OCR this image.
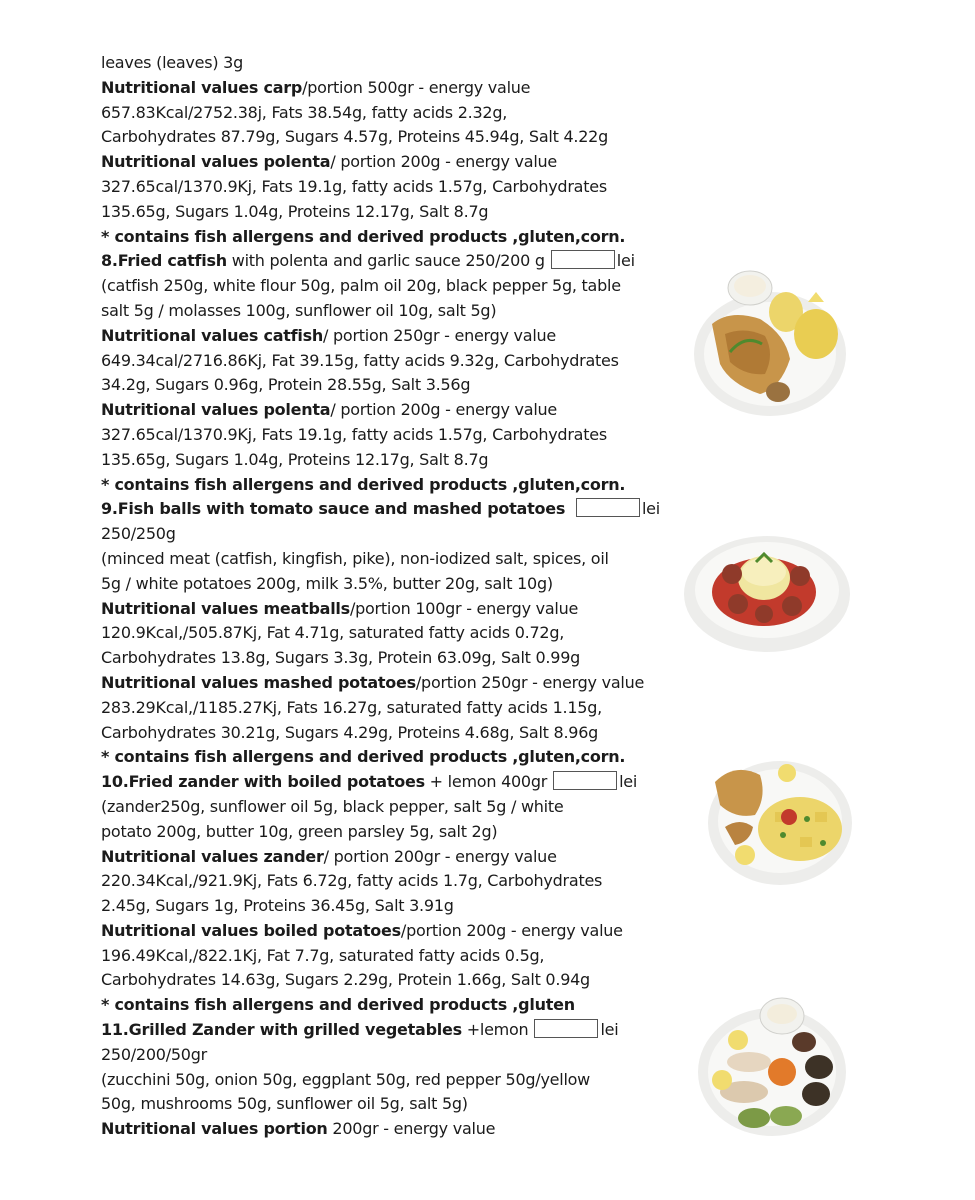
leaves (leaves) 3g
Nutritional values carp/portion 500gr - energy value
657.83Kcal/2752.38j, Fats 38.54g, fatty acids 2.32g,
Carbohydrates 87.79g, Sugars 4.57g, Proteins 45.94g, Salt 4.22g
Nutritional values polenta/ portion 200g - energy value
327.65cal/1370.9Kj, Fats 19.1g, fatty acids 1.57g, Carbohydrates
135.65g, Sugars 1.04g, Proteins 12.17g, Salt 8.7g
* contains fish allergens and derived products ,gluten,corn.
8.Fried catfish with polenta and garlic sauce 250/200 g	lei
(catfish 250g, white flour 50g, palm oil 20g, black pepper 5g, table
salt 5g / molasses 100g, sunflower oil 10g, salt 5g)
Nutritional values catfish/ portion 250gr - energy value
649.34cal/2716.86Kj, Fat 39.15g, fatty acids 9.32g, Carbohydrates
34.2g, Sugars 0.96g, Protein 28.55g, Salt 3.56g
Nutritional values polenta/ portion 200g - energy value
327.65cal/1370.9Kj, Fats 19.1g, fatty acids 1.57g, Carbohydrates
135.65g, Sugars 1.04g, Proteins 12.17g, Salt 8.7g
* contains fish allergens and derived products ,gluten,corn.
9.Fish balls with tomato sauce and mashed potatoes	lei
250/250g
(minced meat (catfish, kingfish, pike), non-iodized salt, spices, oil
5g / white potatoes 200g, milk 3.5%, butter 20g, salt 10g)
Nutritional values meatballs/portion 100gr - energy value
120.9Kcal,/505.87Kj, Fat 4.71g, saturated fatty acids 0.72g,
Carbohydrates 13.8g, Sugars 3.3g, Protein 63.09g, Salt 0.99g
Nutritional values mashed potatoes/portion 250gr - energy value
283.29Kcal,/1185.27Kj, Fats 16.27g, saturated fatty acids 1.15g,
Carbohydrates 30.21g, Sugars 4.29g, Proteins 4.68g, Salt 8.96g
* contains fish allergens and derived products ,gluten,corn.
10.Fried zander with boiled potatoes + lemon 400gr	lei
(zander250g, sunflower oil 5g, black pepper, salt 5g / white
potato 200g, butter 10g, green parsley 5g, salt 2g)
Nutritional values zander/ portion 200gr - energy value
220.34Kcal,/921.9Kj, Fats 6.72g, fatty acids 1.7g, Carbohydrates
2.45g, Sugars 1g, Proteins 36.45g, Salt 3.91g
Nutritional values boiled potatoes/portion 200g - energy value
196.49Kcal,/822.1Kj, Fat 7.7g, saturated fatty acids 0.5g,
Carbohydrates 14.63g, Sugars 2.29g, Protein 1.66g, Salt 0.94g
* contains fish allergens and derived products ,gluten
11.Grilled Zander with grilled vegetables +lemon	lei
250/200/50gr
(zucchini 50g, onion 50g, eggplant 50g, red pepper 50g/yellow
50g, mushrooms 50g, sunflower oil 5g, salt 5g)
Nutritional values portion 200gr - energy value
